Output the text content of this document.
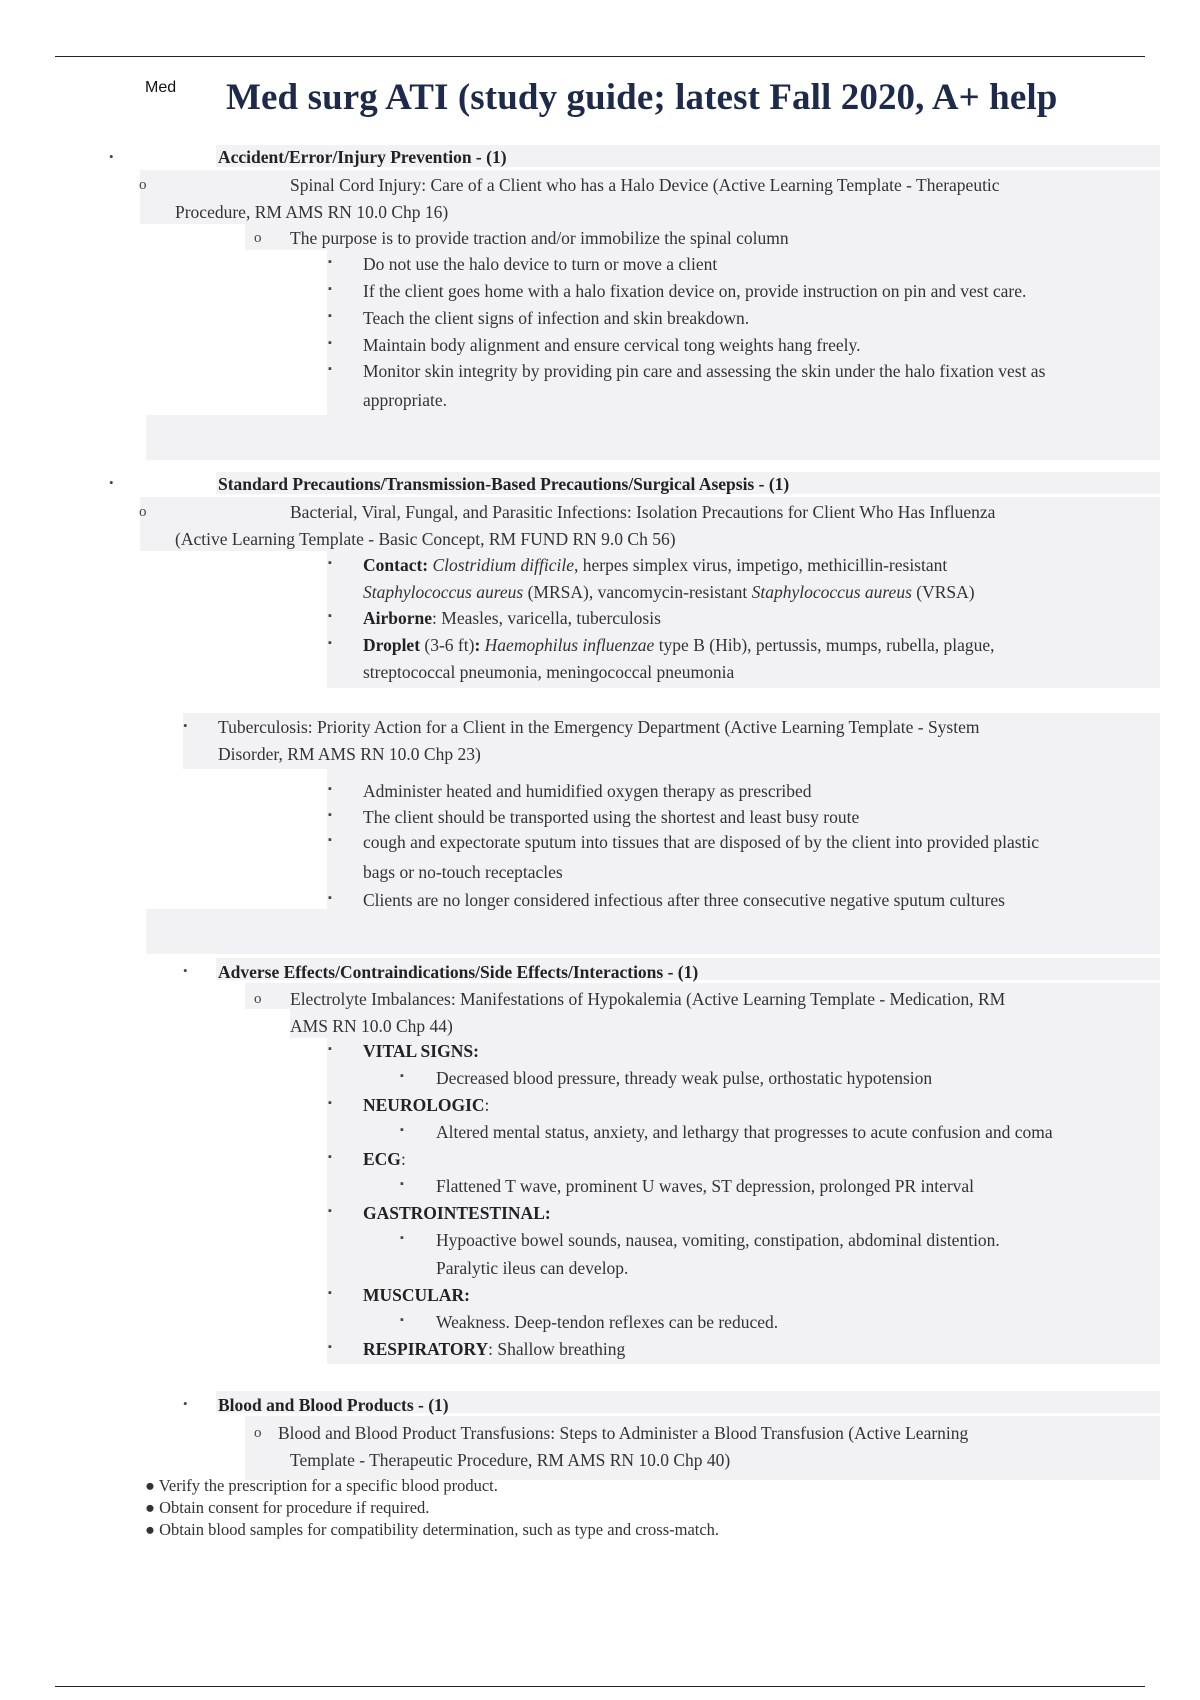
Med Med surg ATI (study guide; latest Fall 2020, A+ help
•	Accident/Error/Injury Prevention - (1)
o	Spinal Cord Injury: Care of a Client who has a Halo Device (Active Learning Template - Therapeutic
Procedure, RM AMS RN 10.0 Chp 16)
o The purpose is to provide traction and/or immobilize the spinal column
▪ Do not use the halo device to turn or move a client
▪ If the client goes home with a halo fixation device on, provide instruction on pin and vest care.
▪ Teach the client signs of infection and skin breakdown.
▪ Maintain body alignment and ensure cervical tong weights hang freely.
▪ Monitor skin integrity by providing pin care and assessing the skin under the halo fixation vest as
appropriate.
•	Standard Precautions/Transmission-Based Precautions/Surgical Asepsis - (1)
o	Bacterial, Viral, Fungal, and Parasitic Infections: Isolation Precautions for Client Who Has Influenza
(Active Learning Template - Basic Concept, RM FUND RN 9.0 Ch 56)
▪ Contact: Clostridium difficile, herpes simplex virus, impetigo, methicillin-resistant
Staphylococcus aureus (MRSA), vancomycin-resistant Staphylococcus aureus (VRSA)
▪ Airborne: Measles, varicella, tuberculosis
▪ Droplet (3-6 ft): Haemophilus influenzae type B (Hib), pertussis, mumps, rubella, plague,
streptococcal pneumonia, meningococcal pneumonia
• Tuberculosis: Priority Action for a Client in the Emergency Department (Active Learning Template - System
Disorder, RM AMS RN 10.0 Chp 23)
▪ Administer heated and humidified oxygen therapy as prescribed
▪ The client should be transported using the shortest and least busy route
▪ cough and expectorate sputum into tissues that are disposed of by the client into provided plastic
bags or no-touch receptacles
▪ Clients are no longer considered infectious after three consecutive negative sputum cultures
• Adverse Effects/Contraindications/Side Effects/Interactions - (1)
o Electrolyte Imbalances: Manifestations of Hypokalemia (Active Learning Template - Medication, RM
AMS RN 10.0 Chp 44)
▪ VITAL SIGNS:
▪ Decreased blood pressure, thready weak pulse, orthostatic hypotension
▪ NEUROLOGIC:
▪ Altered mental status, anxiety, and lethargy that progresses to acute confusion and coma
▪ ECG:
▪ Flattened T wave, prominent U waves, ST depression, prolonged PR interval
▪ GASTROINTESTINAL:
▪ Hypoactive bowel sounds, nausea, vomiting, constipation, abdominal distention.
Paralytic ileus can develop.
▪ MUSCULAR:
▪ Weakness. Deep-tendon reflexes can be reduced.
▪ RESPIRATORY: Shallow breathing
• Blood and Blood Products - (1)
o Blood and Blood Product Transfusions: Steps to Administer a Blood Transfusion (Active Learning
Template - Therapeutic Procedure, RM AMS RN 10.0 Chp 40)
● Verify the prescription for a specific blood product.
● Obtain consent for procedure if required.
● Obtain blood samples for compatibility determination, such as type and cross-match.
